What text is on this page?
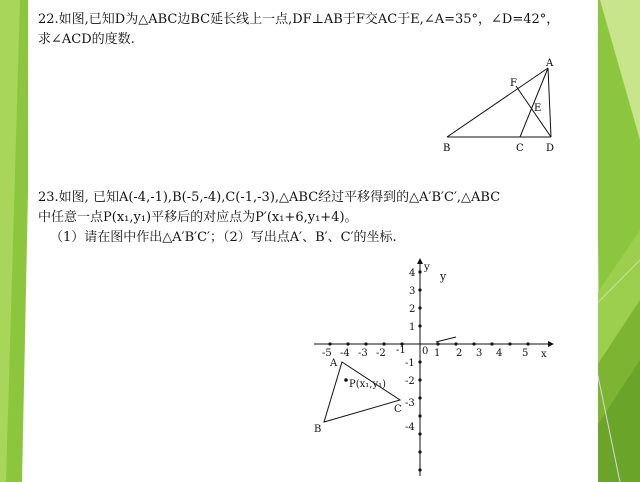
22.如图,已知D为△ABC边BC延长线上一点,DF⊥AB于F交AC于E,∠A=35°，∠D=42°，
求∠ACD的度数.
A
F
E
B	C D
23.如图, 已知A(-4,-1),B(-5,-4),C(-1,-3),△ABC经过平移得到的△A′B′C′,△ABC
中任意一点P(x₁,y₁)平移后的对应点为P′(x₁+6,y₁+4)。
（1）请在图中作出△A′B′C′；（2）写出点A′、B′、C′的坐标.
-5 -4 -3 -2 -1	1 2 3 4 5
0	x
4
3
2
1
-1
-2
-3
-4
y
y
A
B
C
P(x₁,y₁)
